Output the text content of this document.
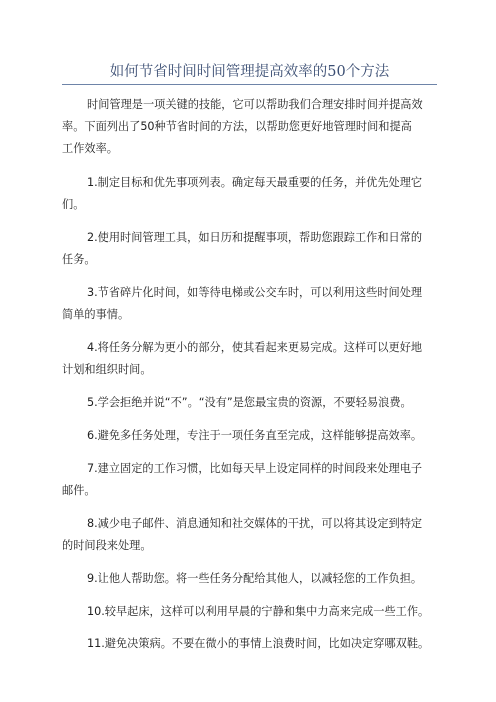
如何节省时间时间管理提高效率的50个方法

时间管理是一项关键的技能，它可以帮助我们合理安排时间并提高效
率。下面列出了50种节省时间的方法，以帮助您更好地管理时间和提高
工作效率。

1.制定目标和优先事项列表。确定每天最重要的任务，并优先处理它
们。

2.使用时间管理工具，如日历和提醒事项，帮助您跟踪工作和日常的
任务。

3.节省碎片化时间，如等待电梯或公交车时，可以利用这些时间处理
简单的事情。

4.将任务分解为更小的部分，使其看起来更易完成。这样可以更好地
计划和组织时间。

5.学会拒绝并说“不”。“没有”是您最宝贵的资源，不要轻易浪费。

6.避免多任务处理，专注于一项任务直至完成，这样能够提高效率。

7.建立固定的工作习惯，比如每天早上设定同样的时间段来处理电子
邮件。

8.减少电子邮件、消息通知和社交媒体的干扰，可以将其设定到特定
的时间段来处理。

9.让他人帮助您。将一些任务分配给其他人，以减轻您的工作负担。

10.较早起床，这样可以利用早晨的宁静和集中力高来完成一些工作。

11.避免决策病。不要在微小的事情上浪费时间，比如决定穿哪双鞋。
